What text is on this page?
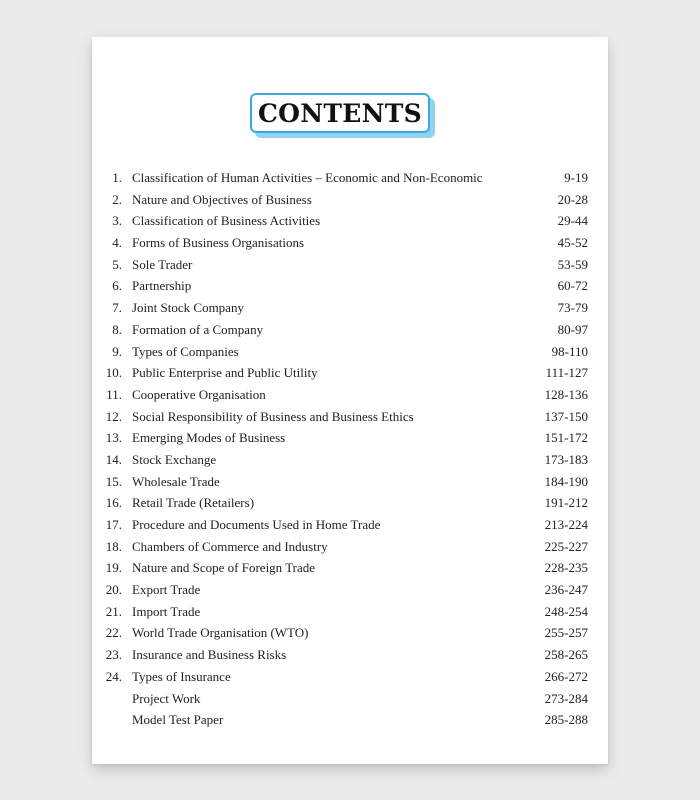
CONTENTS
1. Classification of Human Activities – Economic and Non-Economic	9-19
2. Nature and Objectives of Business	20-28
3. Classification of Business Activities	29-44
4. Forms of Business Organisations	45-52
5. Sole Trader	53-59
6. Partnership	60-72
7. Joint Stock Company	73-79
8. Formation of a Company	80-97
9. Types of Companies	98-110
10. Public Enterprise and Public Utility	111-127
11. Cooperative Organisation	128-136
12. Social Responsibility of Business and Business Ethics	137-150
13. Emerging Modes of Business	151-172
14. Stock Exchange	173-183
15. Wholesale Trade	184-190
16. Retail Trade (Retailers)	191-212
17. Procedure and Documents Used in Home Trade	213-224
18. Chambers of Commerce and Industry	225-227
19. Nature and Scope of Foreign Trade	228-235
20. Export Trade	236-247
21. Import Trade	248-254
22. World Trade Organisation (WTO)	255-257
23. Insurance and Business Risks	258-265
24. Types of Insurance	266-272
Project Work	273-284
Model Test Paper	285-288
